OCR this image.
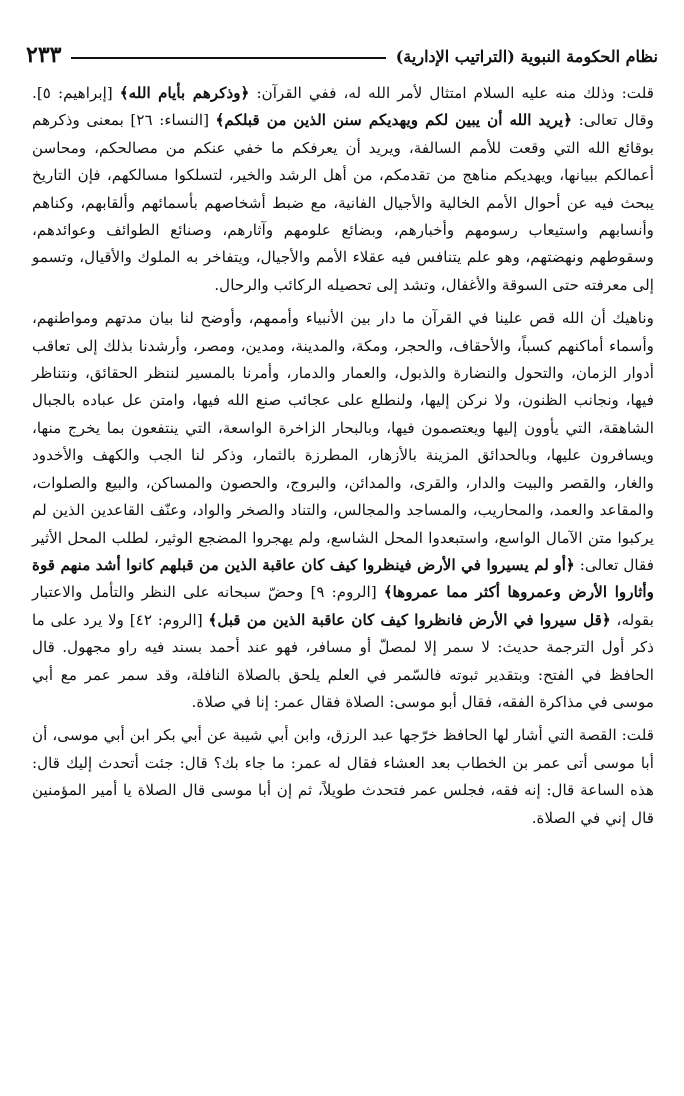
نظام الحكومة النبوية (التراتيب الإدارية)
٢٣٣

قلت: وذلك منه عليه السلام امتثال لأمر الله له، ففي القرآن: ﴿وذكرهم بأيام الله﴾ [إبراهيم: ٥]. وقال تعالى: ﴿يريد الله أن يبين لكم ويهديكم سنن الذين من قبلكم﴾ [النساء: ٢٦] بمعنى وذكرهم بوقائع الله التي وقعت للأمم السالفة، ويريد أن يعرفكم ما خفي عنكم من مصالحكم، ومحاسن أعمالكم ببيانها، ويهديكم مناهج من تقدمكم، من أهل الرشد والخير، لتسلكوا مسالكهم، فإن التاريخ يبحث فيه عن أحوال الأمم الخالية والأجيال الفانية، مع ضبط أشخاصهم بأسمائهم وألقابهم، وكناهم وأنسابهم واستيعاب رسومهم وأخبارهم، وبضائع علومهم وآثارهم، وصنائع الطوائف وعوائدهم، وسقوطهم ونهضتهم، وهو علم يتنافس فيه عقلاء الأمم والأجيال، ويتفاخر به الملوك والأقيال، وتسمو إلى معرفته حتى السوقة والأغفال، وتشد إلى تحصيله الركائب والرحال.

وناهيك أن الله قص علينا في القرآن ما دار بين الأنبياء وأممهم، وأوضح لنا بيان مدتهم ومواطنهم، وأسماء أماكنهم كسباً، والأحقاف، والحجر، ومكة، والمدينة، ومدين، ومصر، وأرشدنا بذلك إلى تعاقب أدوار الزمان، والتحول والنضارة والذبول، والعمار والدمار، وأمرنا بالمسير لننظر الحقائق، ونتناظر فيها، ونجانب الظنون، ولا نركن إليها، ولنطلع على عجائب صنع الله فيها، وامتن عل عباده بالجبال الشاهقة، التي يأوون إليها ويعتصمون فيها، وبالبحار الزاخرة الواسعة، التي ينتفعون بما يخرج منها، ويسافرون عليها، وبالحدائق المزينة بالأزهار، المطرزة بالثمار، وذكر لنا الجب والكهف والأخدود والغار، والقصر والبيت والدار، والقرى، والمدائن، والبروج، والحصون والمساكن، والبيع والصلوات، والمقاعد والعمد، والمحاريب، والمساجد والمجالس، والتناد والصخر والواد، وعنّف القاعدين الذين لم يركبوا متن الآمال الواسع، واستبعدوا المحل الشاسع، ولم يهجروا المضجع الوثير، لطلب المحل الأثير فقال تعالى: ﴿أو لم يسيروا في الأرض فينظروا كيف كان عاقبة الذين من قبلهم كانوا أشد منهم قوة وأثاروا الأرض وعمروها أكثر مما عمروها﴾ [الروم: ٩] وحضّ سبحانه على النظر والتأمل والاعتبار بقوله، ﴿قل سيروا في الأرض فانظروا كيف كان عاقبة الذين من قبل﴾ [الروم: ٤٢] ولا يرد على ما ذكر أول الترجمة حديث: لا سمر إلا لمصلّ أو مسافر، فهو عند أحمد بسند فيه راو مجهول. قال الحافظ في الفتح: وبتقدير ثبوته فالسّمر في العلم يلحق بالصلاة النافلة، وقد سمر عمر مع أبي موسى في مذاكرة الفقه، فقال أبو موسى: الصلاة فقال عمر: إنا في صلاة.

قلت: القصة التي أشار لها الحافظ خرّجها عبد الرزق، وابن أبي شيبة عن أبي بكر ابن أبي موسى، أن أبا موسى أتى عمر بن الخطاب بعد العشاء فقال له عمر: ما جاء بك؟ قال: جئت أتحدث إليك قال: هذه الساعة قال: إنه فقه، فجلس عمر فتحدث طويلاً، ثم إن أبا موسى قال الصلاة يا أمير المؤمنين قال إني في الصلاة.
